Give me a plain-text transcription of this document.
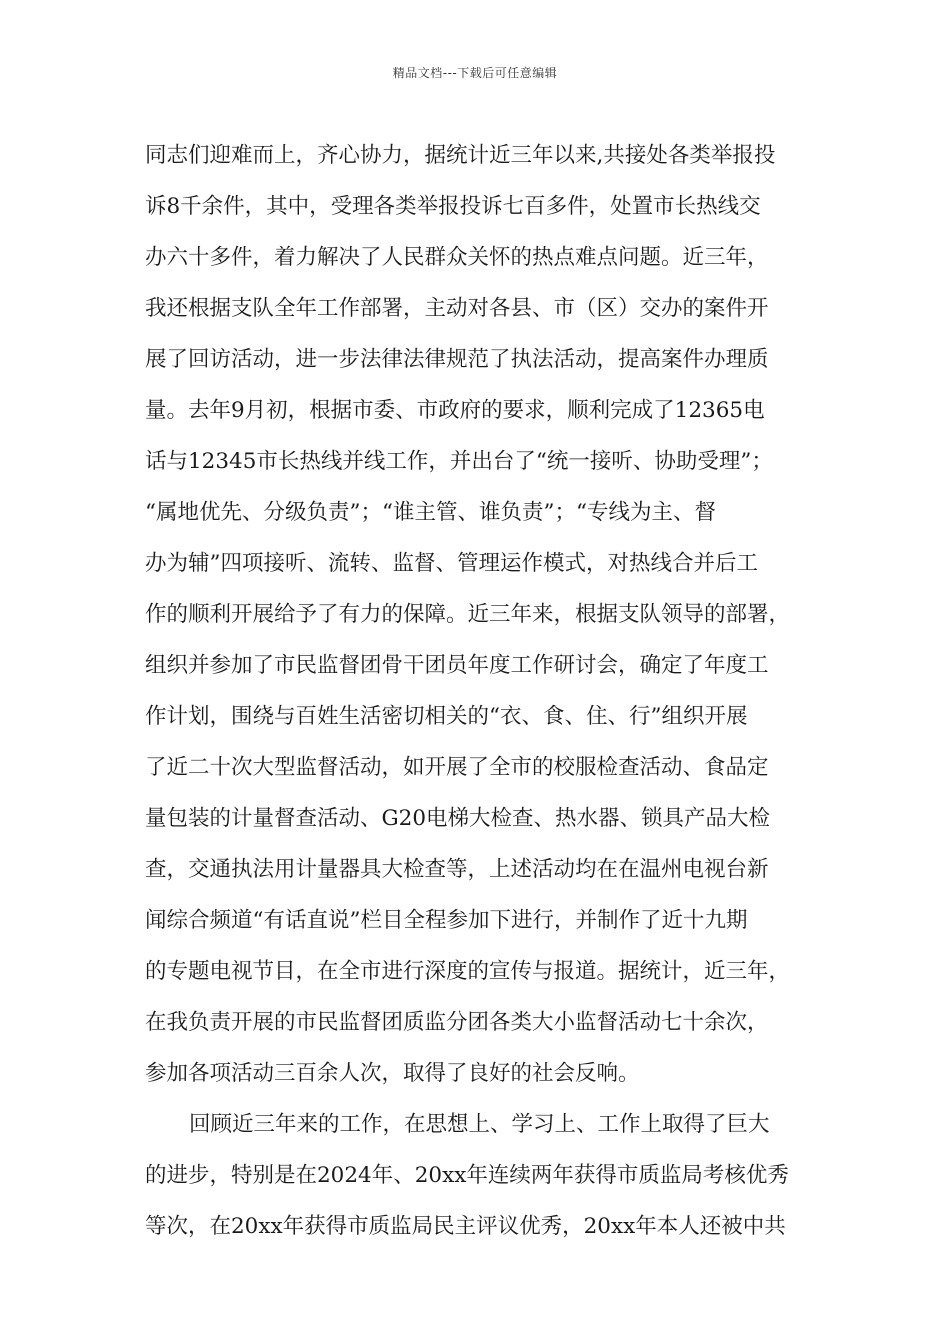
精品文档---下载后可任意编辑
同志们迎难而上，齐心协力，据统计近三年以来,共接处各类举报投
诉8千余件，其中，受理各类举报投诉七百多件，处置市长热线交
办六十多件，着力解决了人民群众关怀的热点难点问题。近三年，
我还根据支队全年工作部署，主动对各县、市（区）交办的案件开
展了回访活动，进一步法律法律规范了执法活动，提高案件办理质
量。去年9月初，根据市委、市政府的要求，顺利完成了12365电
话与12345市长热线并线工作，并出台了“统一接听、协助受理”；
“属地优先、分级负责”；“谁主管、谁负责”；“专线为主、督
办为辅”四项接听、流转、监督、管理运作模式，对热线合并后工
作的顺利开展给予了有力的保障。近三年来，根据支队领导的部署，
组织并参加了市民监督团骨干团员年度工作研讨会，确定了年度工
作计划，围绕与百姓生活密切相关的“衣、食、住、行”组织开展
了近二十次大型监督活动，如开展了全市的校服检查活动、食品定
量包装的计量督查活动、G20电梯大检查、热水器、锁具产品大检
查，交通执法用计量器具大检查等，上述活动均在在温州电视台新
闻综合频道“有话直说”栏目全程参加下进行，并制作了近十九期
的专题电视节目，在全市进行深度的宣传与报道。据统计，近三年，
在我负责开展的市民监督团质监分团各类大小监督活动七十余次，
参加各项活动三百余人次，取得了良好的社会反响。
回顾近三年来的工作，在思想上、学习上、工作上取得了巨大
的进步，特别是在2024年、20xx年连续两年获得市质监局考核优秀
等次，在20xx年获得市质监局民主评议优秀，20xx年本人还被中共
